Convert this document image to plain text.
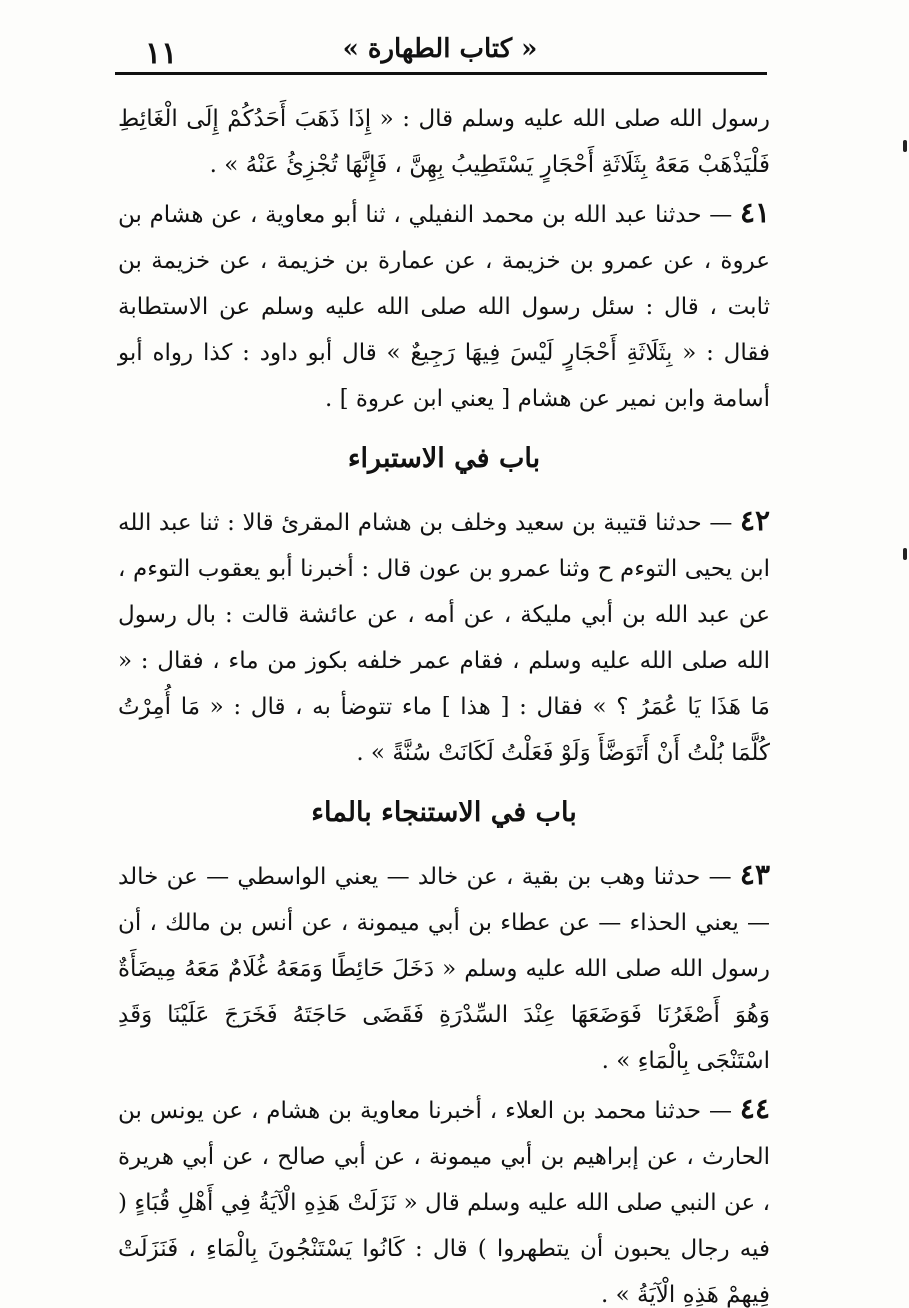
١١	« كتاب الطهارة »

رسول الله صلى الله عليه وسلم قال : « إِذَا ذَهَبَ أَحَدُكُمْ إِلَى الْغَائِطِ فَلْيَذْهَبْ مَعَهُ بِثَلَاثَةِ أَحْجَارٍ يَسْتَطِيبُ بِهِنَّ ، فَإِنَّهَا تُجْزِئُ عَنْهُ » .

٤١ — حدثنا عبد الله بن محمد النفيلي ، ثنا أبو معاوية ، عن هشام بن عروة ، عن عمرو بن خزيمة ، عن عمارة بن خزيمة ، عن خزيمة بن ثابت ، قال : سئل رسول الله صلى الله عليه وسلم عن الاستطابة فقال : « بِثَلَاثَةِ أَحْجَارٍ لَيْسَ فِيهَا رَجِيعٌ » قال أبو داود : كذا رواه أبو أسامة وابن نمير عن هشام [ يعني ابن عروة ] .

باب في الاستبراء

٤٢ — حدثنا قتيبة بن سعيد وخلف بن هشام المقرئ قالا : ثنا عبد الله ابن يحيى التوءم ح وثنا عمرو بن عون قال : أخبرنا أبو يعقوب التوءم ، عن عبد الله بن أبي مليكة ، عن أمه ، عن عائشة قالت : بال رسول الله صلى الله عليه وسلم ، فقام عمر خلفه بكوز من ماء ، فقال : « مَا هَذَا يَا عُمَرُ ؟ » فقال : [ هذا ] ماء تتوضأ به ، قال : « مَا أُمِرْتُ كُلَّمَا بُلْتُ أَنْ أَتَوَضَّأَ وَلَوْ فَعَلْتُ لَكَانَتْ سُنَّةً » .

باب في الاستنجاء بالماء

٤٣ — حدثنا وهب بن بقية ، عن خالد — يعني الواسطي — عن خالد — يعني الحذاء — عن عطاء بن أبي ميمونة ، عن أنس بن مالك ، أن رسول الله صلى الله عليه وسلم « دَخَلَ حَائِطًا وَمَعَهُ غُلَامٌ مَعَهُ مِيضَأَةٌ وَهُوَ أَصْغَرُنَا فَوَضَعَهَا عِنْدَ السِّدْرَةِ فَقَضَى حَاجَتَهُ فَخَرَجَ عَلَيْنَا وَقَدِ اسْتَنْجَى بِالْمَاءِ » .

٤٤ — حدثنا محمد بن العلاء ، أخبرنا معاوية بن هشام ، عن يونس بن الحارث ، عن إبراهيم بن أبي ميمونة ، عن أبي صالح ، عن أبي هريرة ، عن النبي صلى الله عليه وسلم قال « نَزَلَتْ هَذِهِ الْآيَةُ فِي أَهْلِ قُبَاءٍ ( فيه رجال يحبون أن يتطهروا ) قال : كَانُوا يَسْتَنْجُونَ بِالْمَاءِ ، فَنَزَلَتْ فِيهِمْ هَذِهِ الْآيَةُ » .
